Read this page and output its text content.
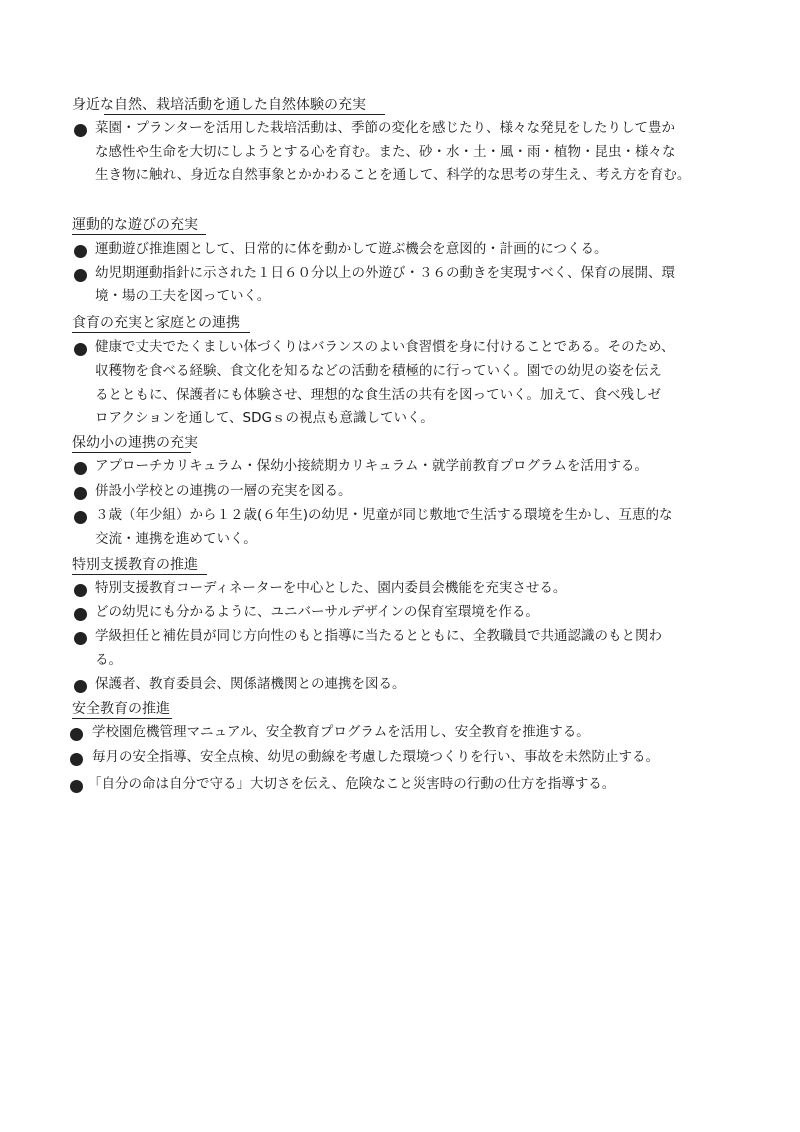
身近な自然、栽培活動を通した自然体験の充実
菜園・プランターを活用した栽培活動は、季節の変化を感じたり、様々な発見をしたりして豊か
な感性や生命を大切にしようとする心を育む。また、砂・水・土・風・雨・植物・昆虫・様々な
生き物に触れ、身近な自然事象とかかわることを通して、科学的な思考の芽生え、考え方を育む。
運動的な遊びの充実
運動遊び推進園として、日常的に体を動かして遊ぶ機会を意図的・計画的につくる。
幼児期運動指針に示された１日６０分以上の外遊び・３６の動きを実現すべく、保育の展開、環
境・場の工夫を図っていく。
食育の充実と家庭との連携
健康で丈夫でたくましい体づくりはバランスのよい食習慣を身に付けることである。そのため、
収穫物を食べる経験、食文化を知るなどの活動を積極的に行っていく。園での幼児の姿を伝え
るとともに、保護者にも体験させ、理想的な食生活の共有を図っていく。加えて、食べ残しゼ
ロアクションを通して、SDGｓの視点も意識していく。
保幼小の連携の充実
アプローチカリキュラム・保幼小接続期カリキュラム・就学前教育プログラムを活用する。
併設小学校との連携の一層の充実を図る。
３歳（年少組）から１２歳(６年生)の幼児・児童が同じ敷地で生活する環境を生かし、互恵的な
交流・連携を進めていく。
特別支援教育の推進
特別支援教育コーディネーターを中心とした、園内委員会機能を充実させる。
どの幼児にも分かるように、ユニバーサルデザインの保育室環境を作る。
学級担任と補佐員が同じ方向性のもと指導に当たるとともに、全教職員で共通認識のもと関わ
る。
保護者、教育委員会、関係諸機関との連携を図る。
安全教育の推進
学校園危機管理マニュアル、安全教育プログラムを活用し、安全教育を推進する。
毎月の安全指導、安全点検、幼児の動線を考慮した環境つくりを行い、事故を未然防止する。
「自分の命は自分で守る」大切さを伝え、危険なこと災害時の行動の仕方を指導する。
